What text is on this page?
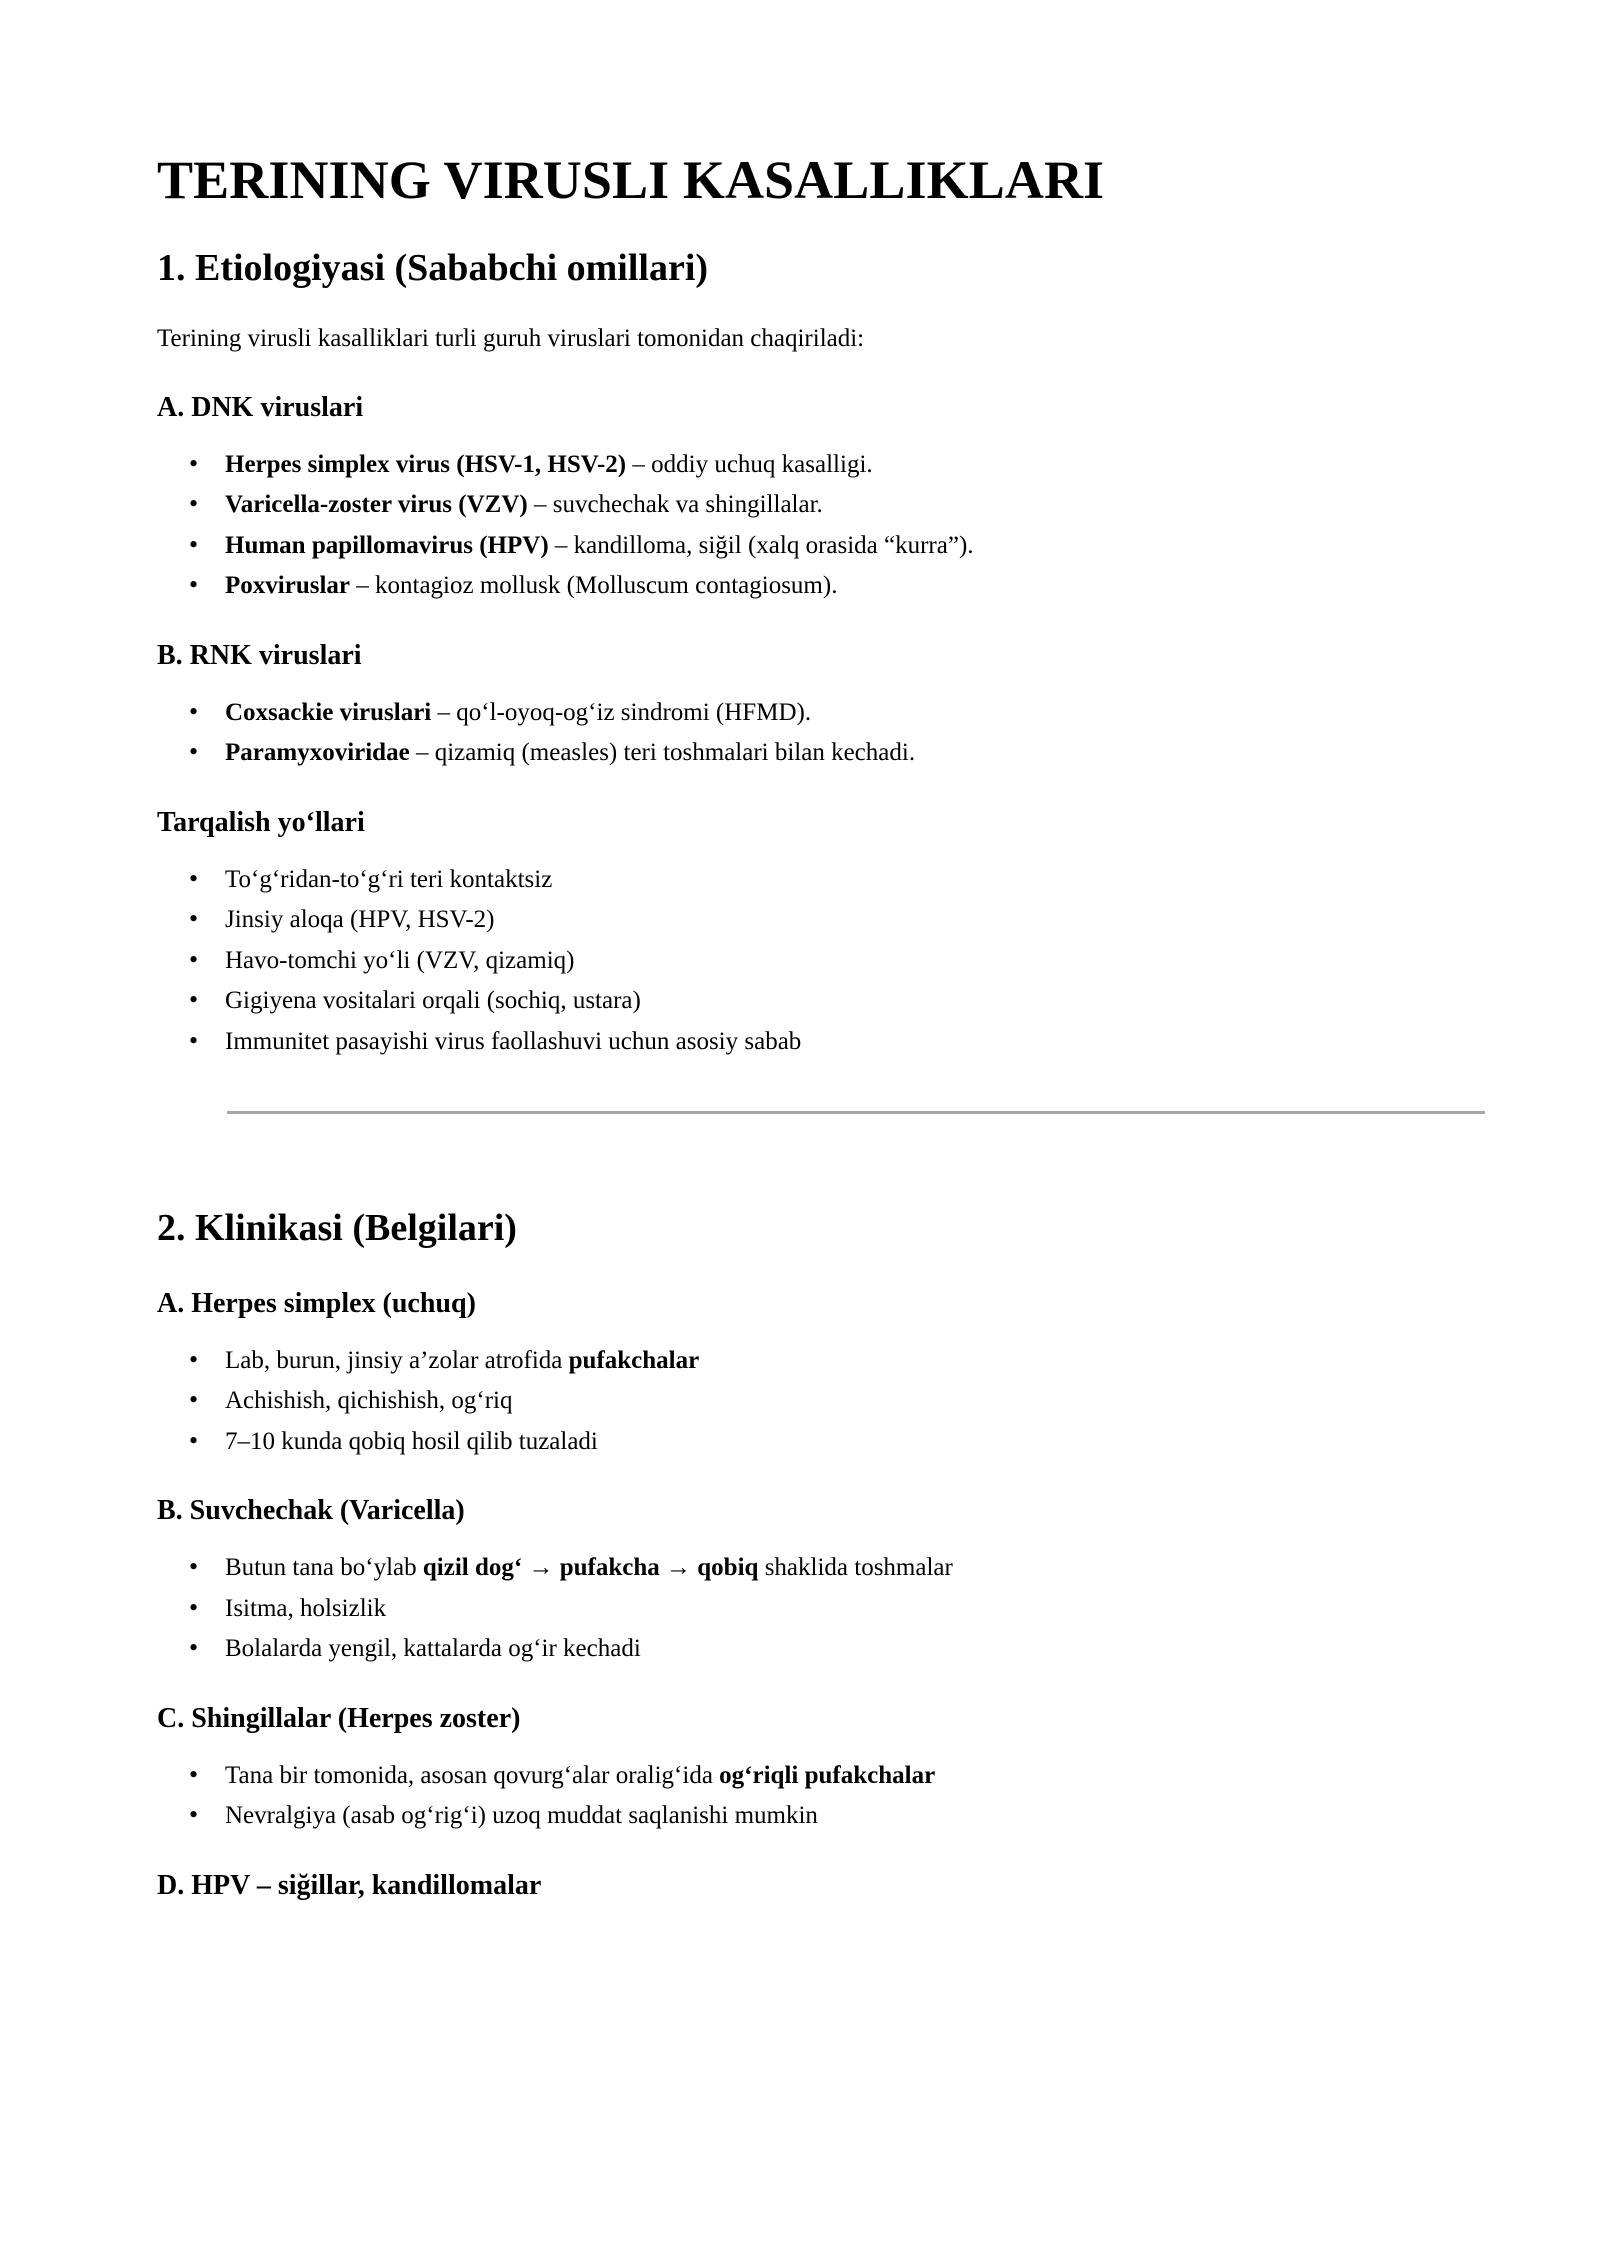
TERINING VIRUSLI KASALLIKLARI
1. Etiologiyasi (Sababchi omillari)

Terining virusli kasalliklari turli guruh viruslari tomonidan chaqiriladi:

A. DNK viruslari
• Herpes simplex virus (HSV-1, HSV-2) – oddiy uchuq kasalligi.
• Varicella-zoster virus (VZV) – suvchechak va shingillalar.
• Human papillomavirus (HPV) – kandilloma, siğil (xalq orasida “kurra”).
• Poxviruslar – kontagioz mollusk (Molluscum contagiosum).
B. RNK viruslari
• Coxsackie viruslari – qoʻl-oyoq-ogʻiz sindromi (HFMD).
• Paramyxoviridae – qizamiq (measles) teri toshmalari bilan kechadi.
Tarqalish yoʻllari
• Toʻgʻridan-toʻgʻri teri kontaktsiz
• Jinsiy aloqa (HPV, HSV-2)
• Havo-tomchi yoʻli (VZV, qizamiq)
• Gigiyena vositalari orqali (sochiq, ustara)
• Immunitet pasayishi virus faollashuvi uchun asosiy sabab
2. Klinikasi (Belgilari)
A. Herpes simplex (uchuq)
• Lab, burun, jinsiy a’zolar atrofida pufakchalar
• Achishish, qichishish, ogʻriq
• 7–10 kunda qobiq hosil qilib tuzaladi
B. Suvchechak (Varicella)
• Butun tana boʻylab qizil dogʻ → pufakcha → qobiq shaklida toshmalar
• Isitma, holsizlik
• Bolalarda yengil, kattalarda ogʻir kechadi
C. Shingillalar (Herpes zoster)
• Tana bir tomonida, asosan qovurgʻalar oraligʻida ogʻriqli pufakchalar
• Nevralgiya (asab ogʻrigʻi) uzoq muddat saqlanishi mumkin
D. HPV – siğillar, kandillomalar
